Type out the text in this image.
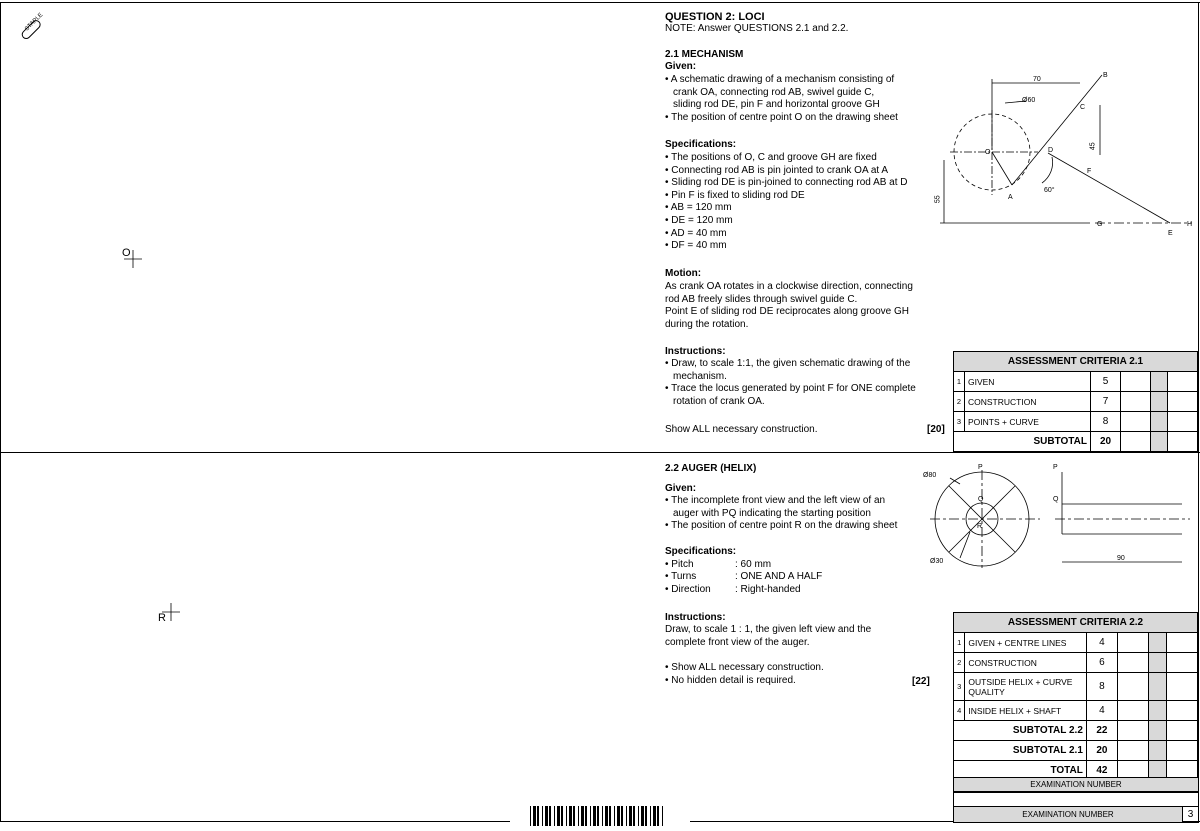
STAPLE
O
R
QUESTION 2: LOCI
NOTE: Answer QUESTIONS 2.1 and 2.2.
2.1 MECHANISM
Given:
• A schematic drawing of a mechanism consisting of
crank OA, connecting rod AB, swivel guide C,
sliding rod DE, pin F and horizontal groove GH
• The position of centre point O on the drawing sheet
Specifications:
• The positions of O, C and groove GH are fixed
• Connecting rod AB is pin jointed to crank OA at A
• Sliding rod DE is pin-joined to connecting rod AB at D
• Pin F is fixed to sliding rod DE
• AB = 120 mm
• DE = 120 mm
• AD = 40 mm
• DF = 40 mm
Motion:
As crank OA rotates in a clockwise direction, connecting
rod AB freely slides through swivel guide C.
Point E of sliding rod DE reciprocates along groove GH
during the rotation.
Instructions:
• Draw, to scale 1:1, the given schematic drawing of the
mechanism.
• Trace the locus generated by point F for ONE complete
rotation of crank OA.
Show ALL necessary construction.	[20]
70
Ø60
45
55
60°
O
A
B
C
D
E
F
G	H
ASSESSMENT CRITERIA 2.1					
1	GIVEN	5			
2	CONSTRUCTION	7			
3	POINTS + CURVE	8			
SUBTOTAL		20			
2.2 AUGER (HELIX)
Given:
• The incomplete front view and the left view of an
auger with PQ indicating the starting position
• The position of centre point R on the drawing sheet
Specifications:
• Pitch	: 60 mm
• Turns	: ONE AND A HALF
• Direction : Right-handed
Instructions:
Draw, to scale 1 : 1, the given left view and the
complete front view of the auger.
• Show ALL necessary construction.
• No hidden detail is required.	[22]
Ø80
Ø30	90
P
Q
R
P
Q
ASSESSMENT CRITERIA 2.2					
1	GIVEN + CENTRE LINES	4			
2	CONSTRUCTION	6			
3	OUTSIDE HELIX + CURVE QUALITY	8			
4	INSIDE HELIX + SHAFT	4			
SUBTOTAL 2.2		22			
SUBTOTAL 2.1		20			
TOTAL		42			
EXAMINATION NUMBER
EXAMINATION NUMBER	3
